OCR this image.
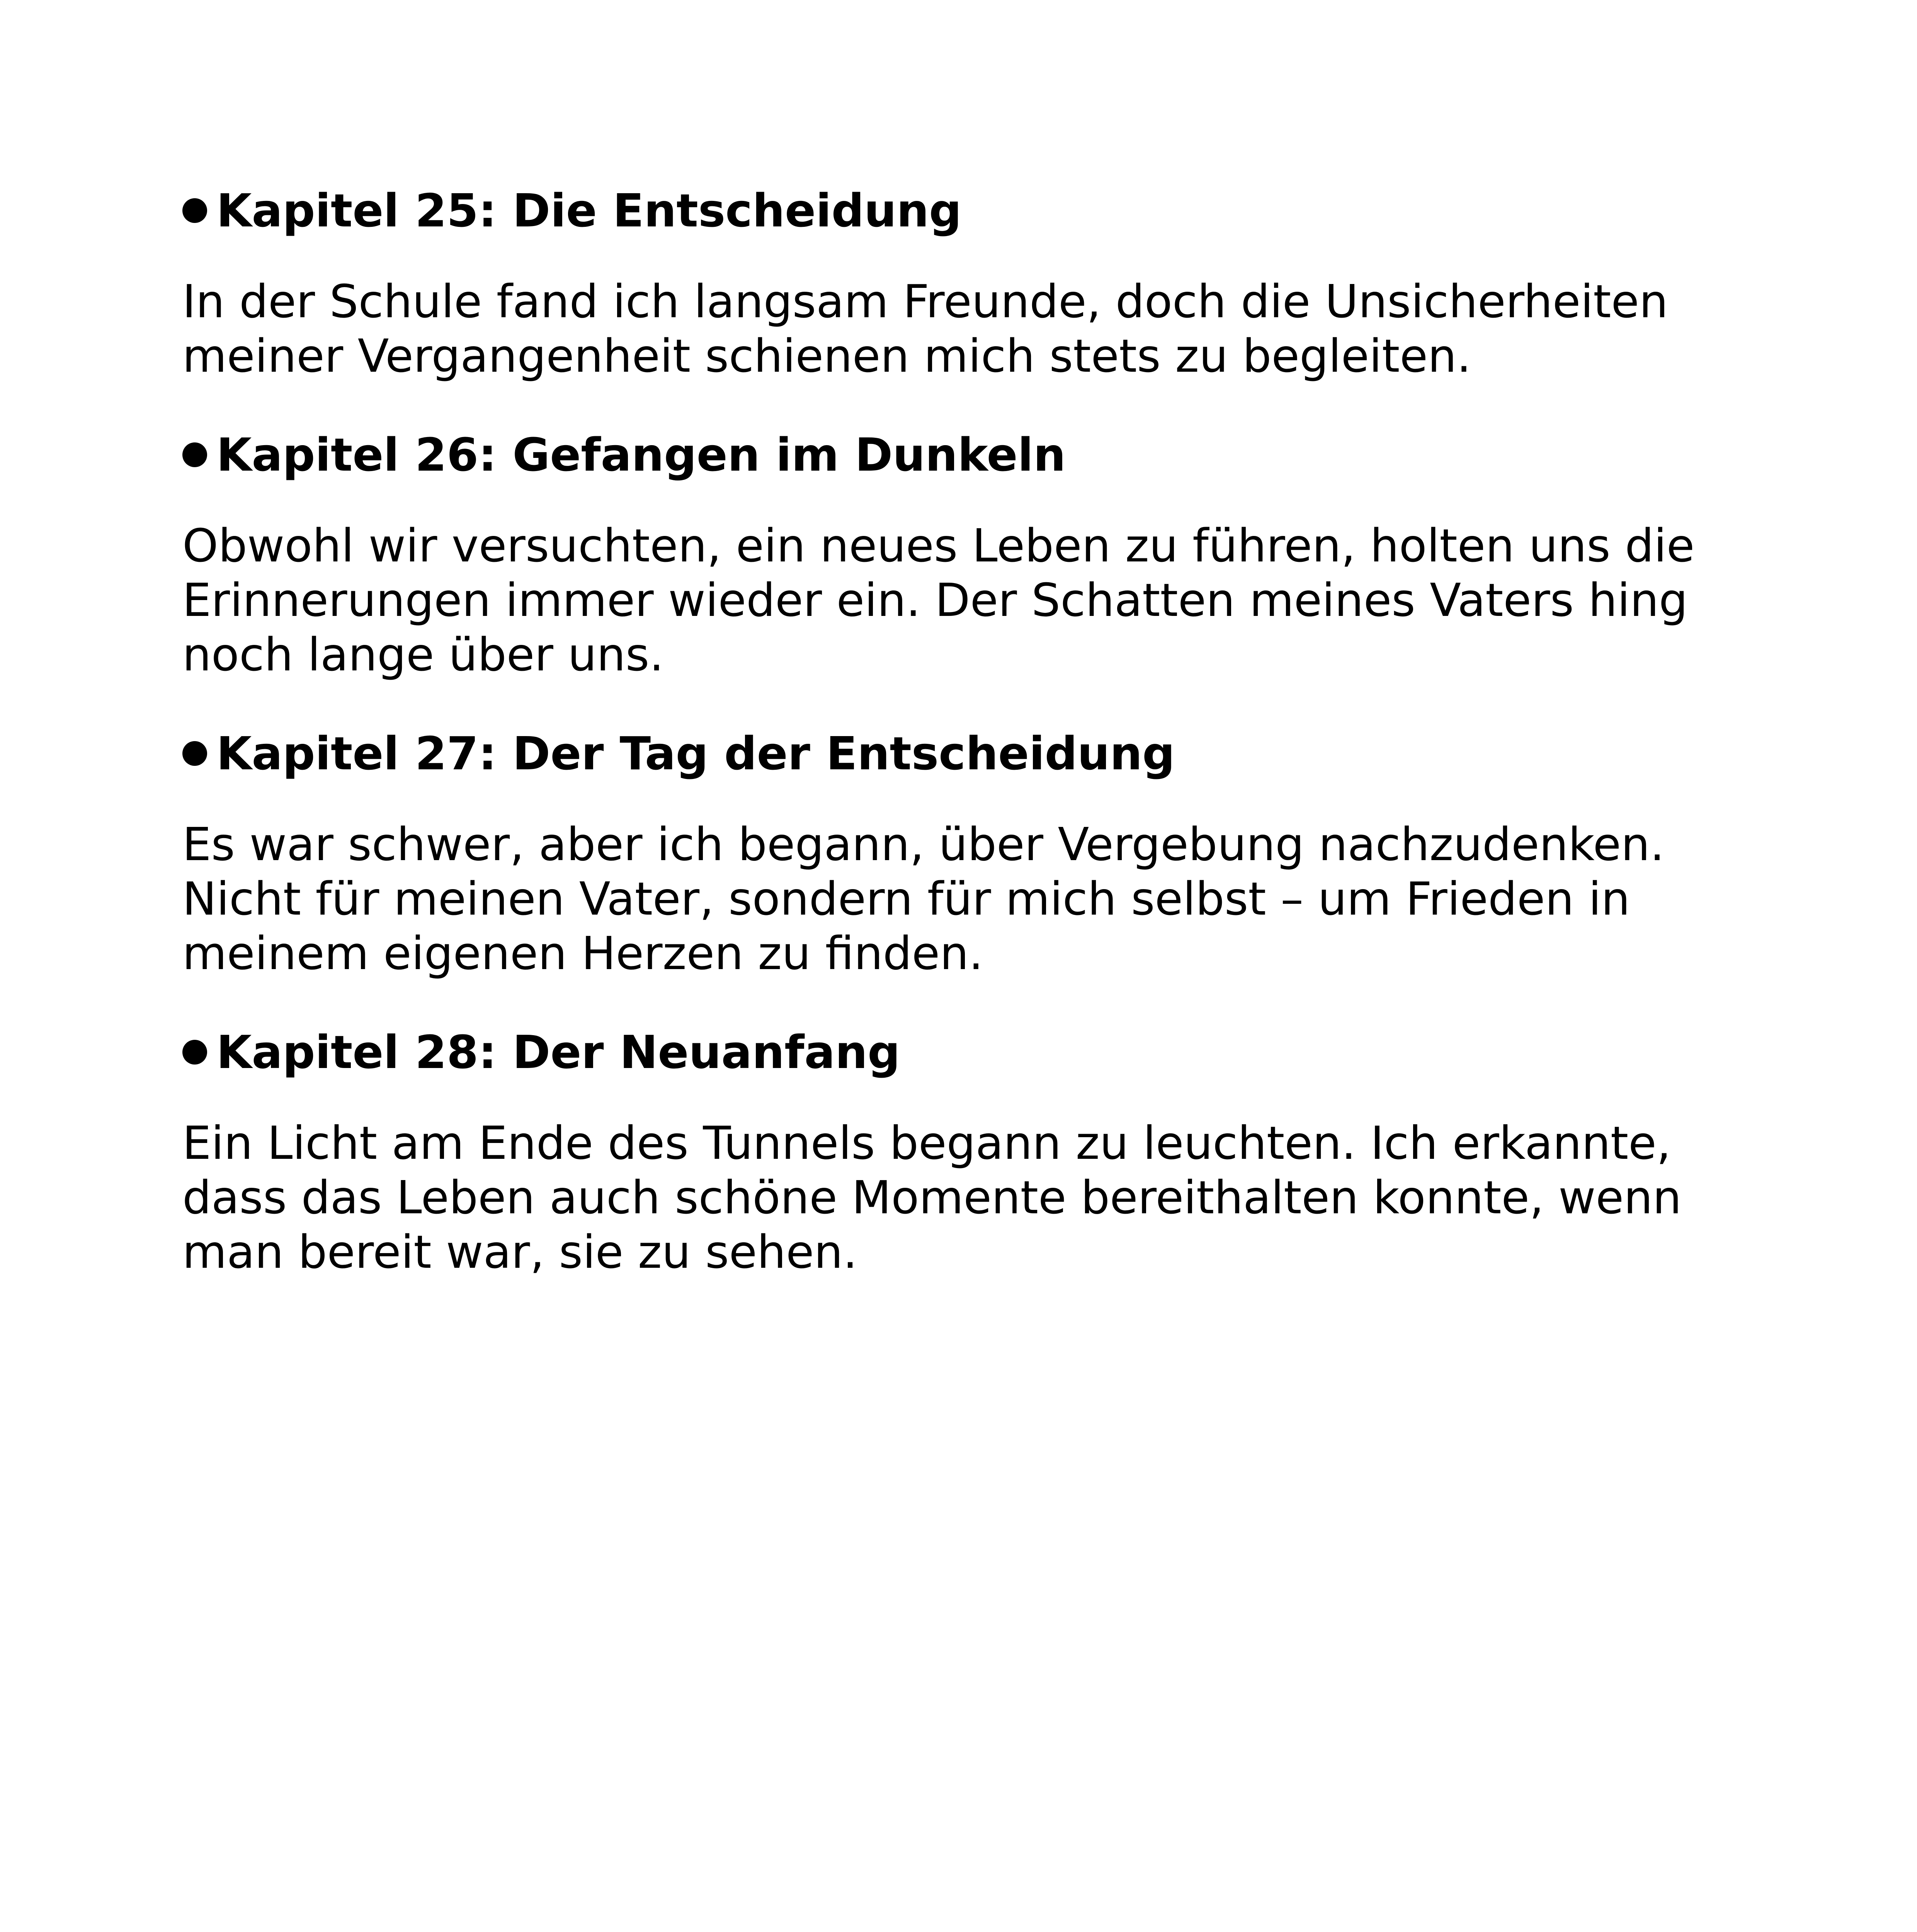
Kapitel 25: Die Entscheidung

In der Schule fand ich langsam Freunde, doch die Unsicherheiten meiner Vergangenheit schienen mich stets zu begleiten.

Kapitel 26: Gefangen im Dunkeln

Obwohl wir versuchten, ein neues Leben zu führen, holten uns die Erinnerungen immer wieder ein. Der Schatten meines Vaters hing noch lange über uns.

Kapitel 27: Der Tag der Entscheidung

Es war schwer, aber ich begann, über Vergebung nachzudenken. Nicht für meinen Vater, sondern für mich selbst – um Frieden in meinem eigenen Herzen zu finden.

Kapitel 28: Der Neuanfang

Ein Licht am Ende des Tunnels begann zu leuchten. Ich erkannte, dass das Leben auch schöne Momente bereithalten konnte, wenn man bereit war, sie zu sehen.
